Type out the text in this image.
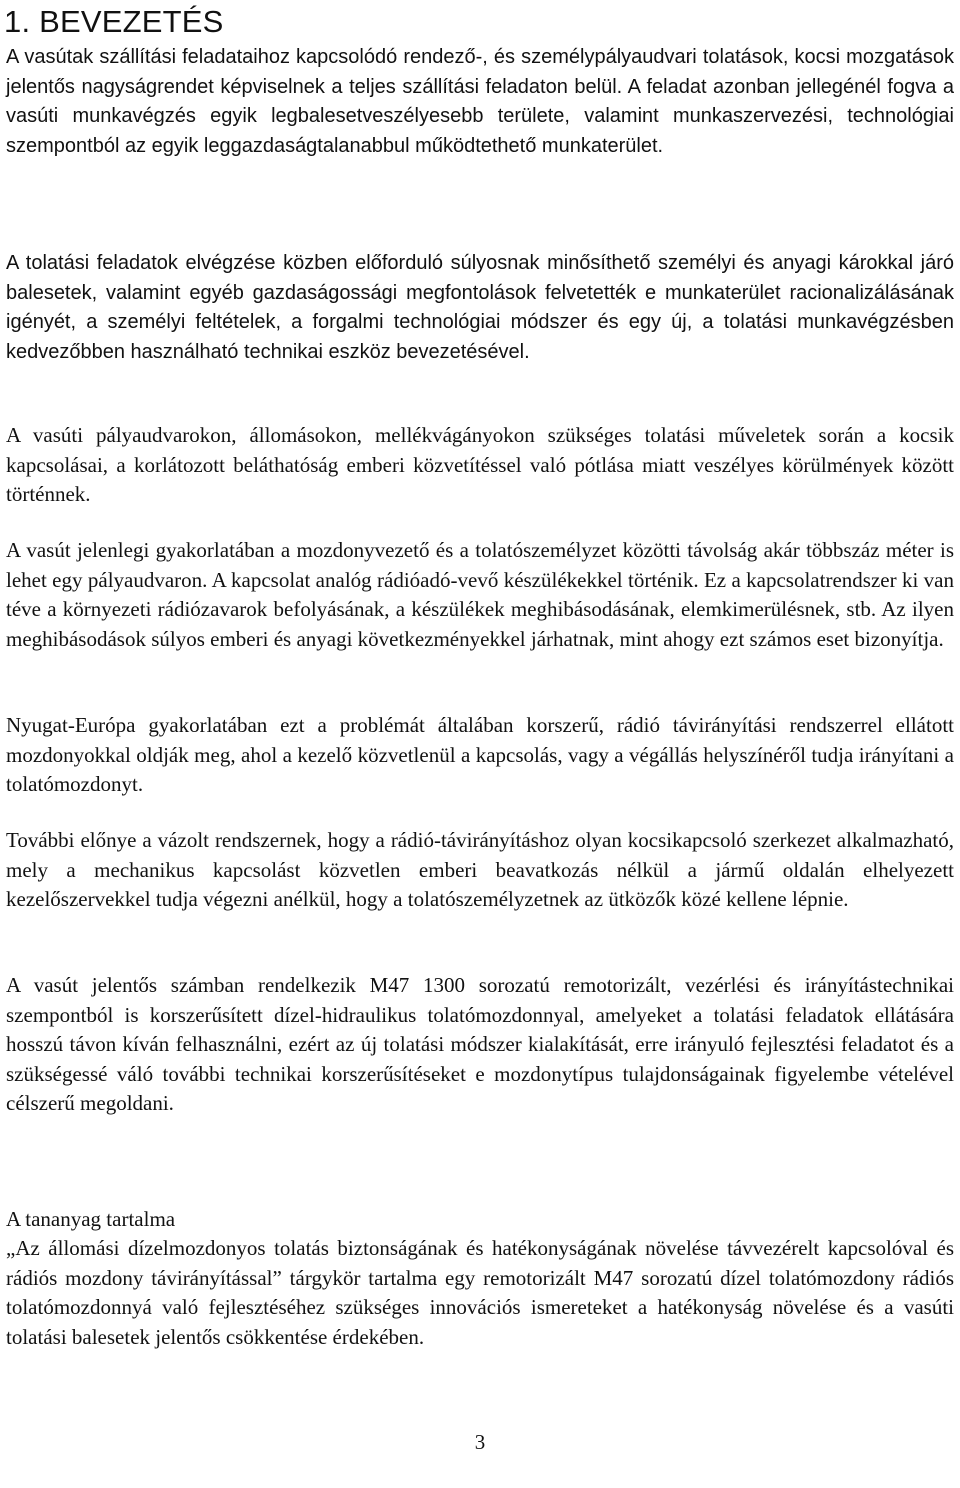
1. BEVEZETÉS

A vasútak szállítási feladataihoz kapcsolódó rendező-, és személypályaudvari tolatások, kocsi mozgatások jelentős nagyságrendet képviselnek a teljes szállítási feladaton belül. A feladat azonban jellegénél fogva a vasúti munkavégzés egyik legbalesetveszélyesebb területe, valamint munkaszervezési, technológiai szempontból az egyik leggazdaságtalanabbul működtethető munkaterület.

A tolatási feladatok elvégzése közben előforduló súlyosnak minősíthető személyi és anyagi károkkal járó balesetek, valamint egyéb gazdaságossági megfontolások felvetették e munkaterület racionalizálásának igényét, a személyi feltételek, a forgalmi technológiai módszer és egy új, a tolatási munkavégzésben kedvezőbben használható technikai eszköz bevezetésével.

A vasúti pályaudvarokon, állomásokon, mellékvágányokon szükséges tolatási műveletek során a kocsik kapcsolásai, a korlátozott beláthatóság emberi közvetítéssel való pótlása miatt veszélyes körülmények között történnek.

A vasút jelenlegi gyakorlatában a mozdonyvezető és a tolatószemélyzet közötti távolság akár többszáz méter is lehet egy pályaudvaron. A kapcsolat analóg rádióadó-vevő készülékekkel történik. Ez a kapcsolatrendszer ki van téve a környezeti rádiózavarok befolyásának, a készülékek meghibásodásának, elemkimerülésnek, stb. Az ilyen meghibásodások súlyos emberi és anyagi következményekkel járhatnak, mint ahogy ezt számos eset bizonyítja.

Nyugat-Európa gyakorlatában ezt a problémát általában korszerű, rádió távirányítási rendszerrel ellátott mozdonyokkal oldják meg, ahol a kezelő közvetlenül a kapcsolás, vagy a végállás helyszínéről tudja irányítani a tolatómozdonyt.

További előnye a vázolt rendszernek, hogy a rádió-távirányításhoz olyan kocsikapcsoló szerkezet alkalmazható, mely a mechanikus kapcsolást közvetlen emberi beavatkozás nélkül a jármű oldalán elhelyezett kezelőszervekkel tudja végezni anélkül, hogy a tolatószemélyzetnek az ütközők közé kellene lépnie.

A vasút jelentős számban rendelkezik M47 1300 sorozatú remotorizált, vezérlési és irányítástechnikai szempontból is korszerűsített dízel-hidraulikus tolatómozdonnyal, amelyeket a tolatási feladatok ellátására hosszú távon kíván felhasználni, ezért az új tolatási módszer kialakítását, erre irányuló fejlesztési feladatot és a szükségessé váló további technikai korszerűsítéseket e mozdonytípus tulajdonságainak figyelembe vételével célszerű megoldani.

A tananyag tartalma

„Az állomási dízelmozdonyos tolatás biztonságának és hatékonyságának növelése távvezérelt kapcsolóval és rádiós mozdony távirányítással” tárgykör tartalma egy remotorizált M47 sorozatú dízel tolatómozdony rádiós tolatómozdonnyá való fejlesztéséhez szükséges innovációs ismereteket a hatékonyság növelése és a vasúti tolatási balesetek jelentős csökkentése érdekében.

3
